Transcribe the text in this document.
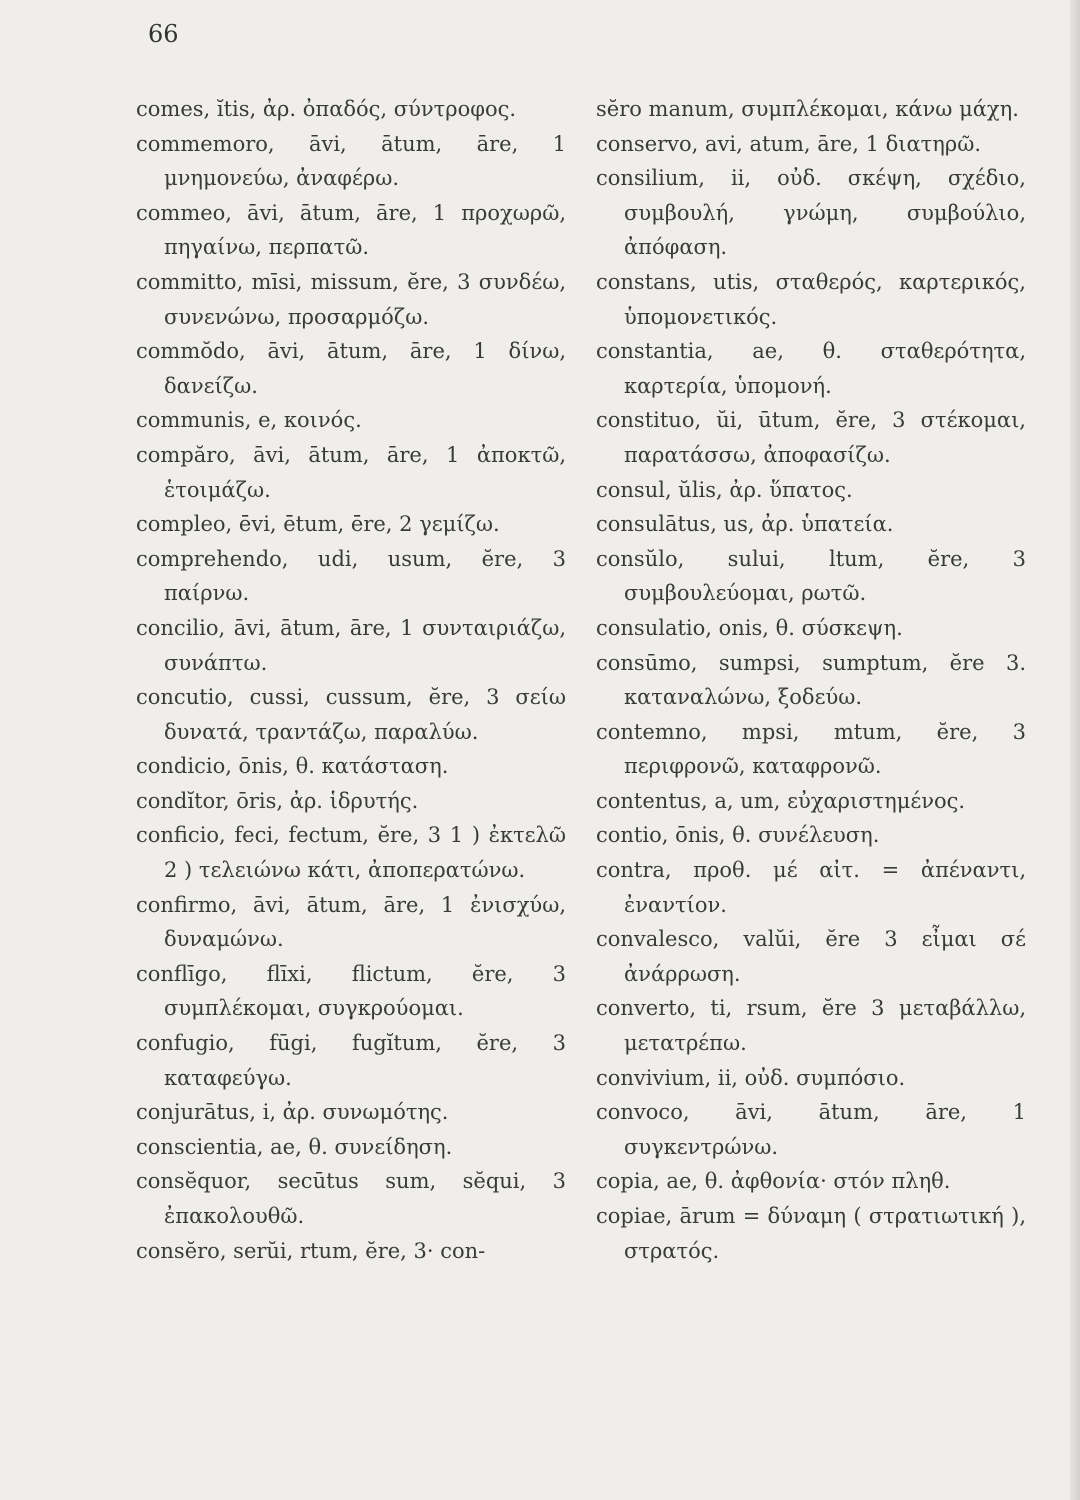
66

comes, ĭtis, ἀρ. ὀπαδός, σύντροφος.

commemoro, āvi, ātum, āre, 1 μνημονεύω, ἀναφέρω.

commeo, āvi, ātum, āre, 1 προχωρῶ, πηγαίνω, περπατῶ.

committo, mīsi, missum, ĕre, 3 συνδέω, συνενώνω, προσαρμόζω.

commŏdo, āvi, ātum, āre, 1 δίνω, δανείζω.

communis, e, κοινός.

compăro, āvi, ātum, āre, 1 ἀποκτῶ, ἑτοιμάζω.

compleo, ēvi, ētum, ēre, 2 γεμίζω.

comprehendo, udi, usum, ĕre, 3 παίρνω.

concilio, āvi, ātum, āre, 1 συνταιριάζω, συνάπτω.

concutio, cussi, cussum, ĕre, 3 σείω δυνατά, τραντάζω, παραλύω.

condicio, ōnis, θ. κατάσταση.

condĭtor, ōris, ἀρ. ἱδρυτής.

conficio, feci, fectum, ĕre, 3 1 ) ἐκτελῶ 2 ) τελειώνω κάτι, ἀποπερατώνω.

confirmo, āvi, ātum, āre, 1 ἐνισχύω, δυναμώνω.

conflīgo, flīxi, flictum, ĕre, 3 συμπλέκομαι, συγκρούομαι.

confugio, fūgi, fugĭtum, ĕre, 3 καταφεύγω.

conjurātus, i, ἀρ. συνωμότης.

conscientia, ae, θ. συνείδηση.

consĕquor, secūtus sum, sĕqui, 3 ἐπακολουθῶ.

consĕro, serŭi, rtum, ĕre, 3· con-

sĕro manum, συμπλέκομαι, κάνω μάχη.

conservo, avi, atum, āre, 1 διατηρῶ.

consilium, ii, οὐδ. σκέψη, σχέδιο, συμβουλή, γνώμη, συμβούλιο, ἀπόφαση.

constans, utis, σταθερός, καρτερικός, ὑπομονετικός.

constantia, ae, θ. σταθερότητα, καρτερία, ὑπομονή.

constituo, ŭi, ūtum, ĕre, 3 στέκομαι, παρατάσσω, ἀποφασίζω.

consul, ŭlis, ἀρ. ὕπατος.

consulātus, us, ἀρ. ὑπατεία.

consŭlo, sului, ltum, ĕre, 3 συμβουλεύομαι, ρωτῶ.

consulatio, onis, θ. σύσκεψη.

consūmo, sumpsi, sumptum, ĕre 3. καταναλώνω, ξοδεύω.

contemno, mpsi, mtum, ĕre, 3 περιφρονῶ, καταφρονῶ.

contentus, a, um, εὐχαριστημένος.

contio, ōnis, θ. συνέλευση.

contra, προθ. μέ αἰτ. = ἀπέναντι, ἐναντίον.

convalesco, valŭi, ĕre 3 εἶμαι σέ ἀνάρρωση.

converto, ti, rsum, ĕre 3 μεταβάλλω, μετατρέπω.

convivium, ii, οὐδ. συμπόσιο.

convoco, āvi, ātum, āre, 1 συγκεντρώνω.

copia, ae, θ. ἀφθονία· στόν πληθ.

copiae, ārum = δύναμη ( στρατιωτική ), στρατός.
